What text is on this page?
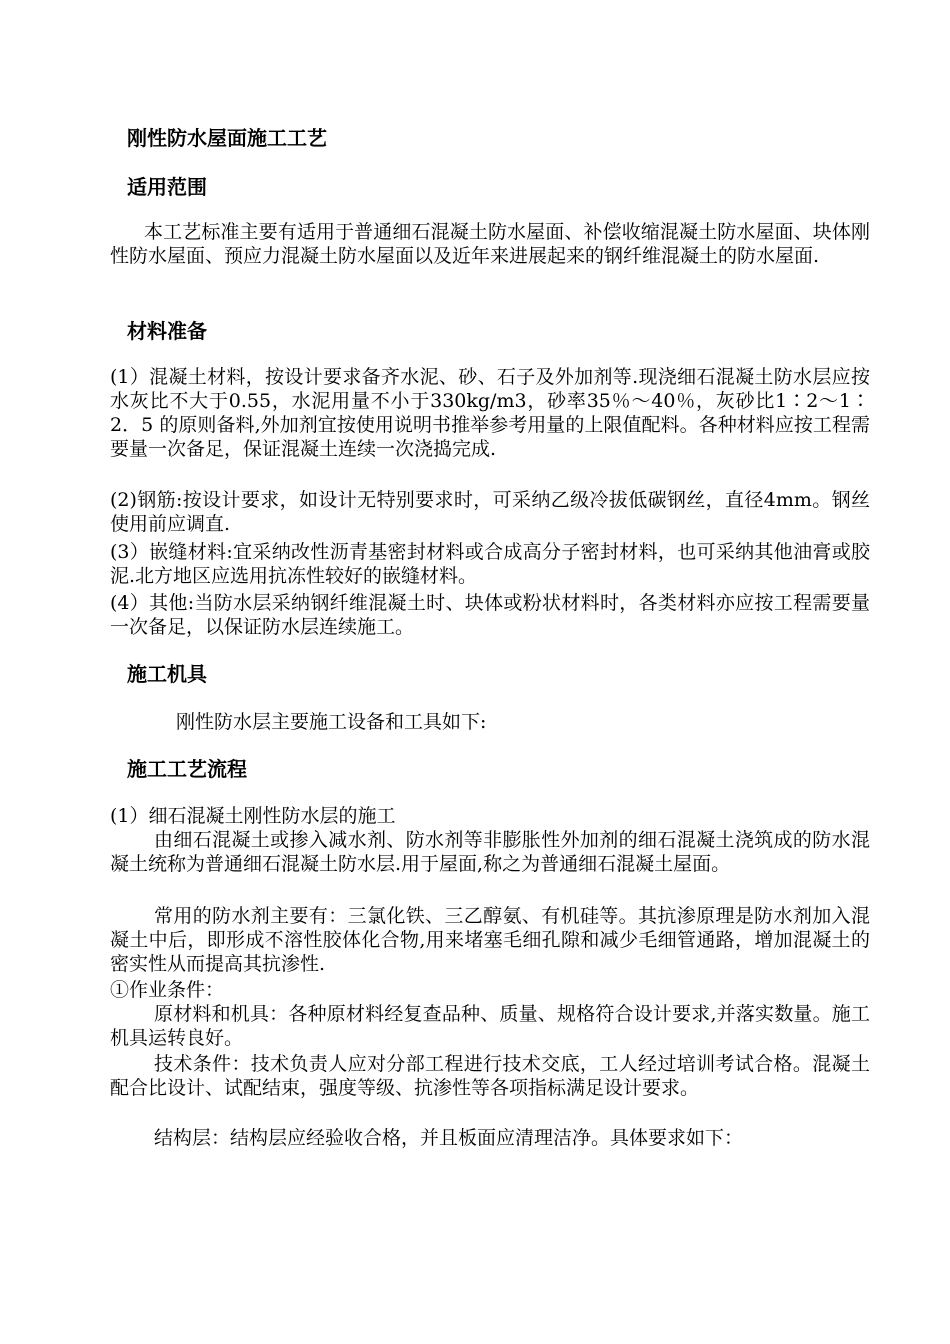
刚性防水屋面施工工艺
适用范围
本工艺标准主要有适用于普通细石混凝土防水屋面、补偿收缩混凝土防水屋面、块体刚性防水屋面、预应力混凝土防水屋面以及近年来进展起来的钢纤维混凝土的防水屋面.
材料准备
(1）混凝土材料，按设计要求备齐水泥、砂、石子及外加剂等.现浇细石混凝土防水层应按水灰比不大于0.55，水泥用量不小于330kg/m3，砂率35％～40％，灰砂比1∶2～1∶2．5 的原则备料,外加剂宜按使用说明书推举参考用量的上限值配料。各种材料应按工程需要量一次备足，保证混凝土连续一次浇捣完成.
(2)钢筋:按设计要求，如设计无特别要求时，可采纳乙级冷拔低碳钢丝，直径4mm。钢丝使用前应调直.
(3）嵌缝材料:宜采纳改性沥青基密封材料或合成高分子密封材料，也可采纳其他油膏或胶泥.北方地区应选用抗冻性较好的嵌缝材料。
(4）其他:当防水层采纳钢纤维混凝土时、块体或粉状材料时，各类材料亦应按工程需要量一次备足，以保证防水层连续施工。
施工机具
刚性防水层主要施工设备和工具如下:
施工工艺流程
(1）细石混凝土刚性防水层的施工
由细石混凝土或掺入减水剂、防水剂等非膨胀性外加剂的细石混凝土浇筑成的防水混凝土统称为普通细石混凝土防水层.用于屋面,称之为普通细石混凝土屋面。
常用的防水剂主要有：三氯化铁、三乙醇氨、有机硅等。其抗渗原理是防水剂加入混凝土中后，即形成不溶性胶体化合物,用来堵塞毛细孔隙和减少毛细管通路，增加混凝土的密实性从而提高其抗渗性.
①作业条件：
原材料和机具：各种原材料经复查品种、质量、规格符合设计要求,并落实数量。施工机具运转良好。
技术条件：技术负责人应对分部工程进行技术交底，工人经过培训考试合格。混凝土配合比设计、试配结束，强度等级、抗渗性等各项指标满足设计要求。
结构层：结构层应经验收合格，并且板面应清理洁净。具体要求如下：
